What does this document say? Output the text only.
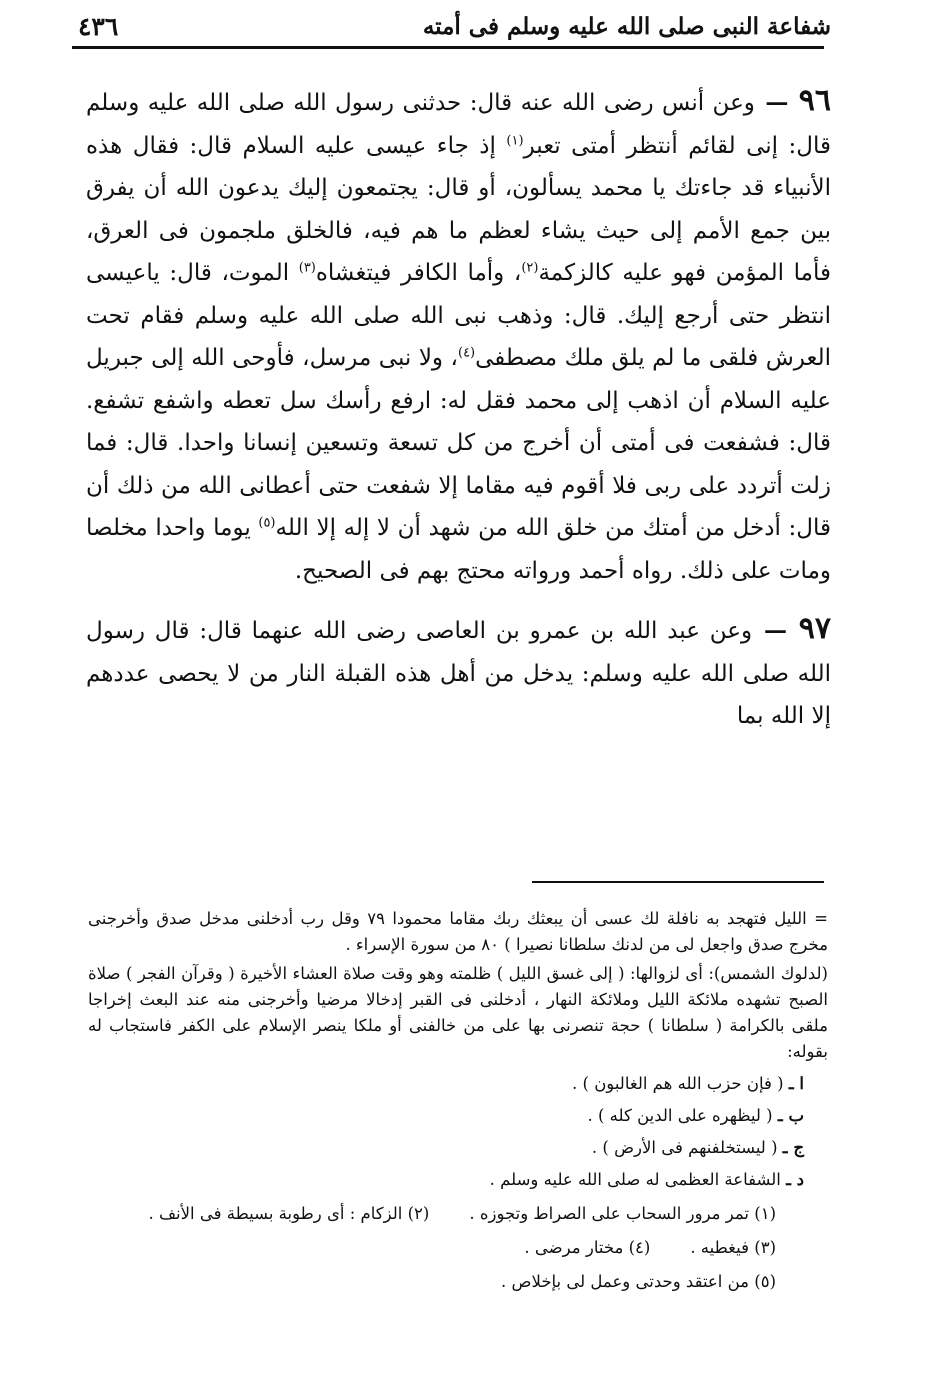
شفاعة النبى صلى الله عليه وسلم فى أمته
٤٣٦

٩٦ — وعن أنس رضى الله عنه قال: حدثنى رسول الله صلى الله عليه وسلم قال: إنى لقائم أنتظر أمتى تعبر$^{(١)}$ إذ جاء عيسى عليه السلام قال: فقال هذه الأنبياء قد جاءتك يا محمد يسألون، أو قال: يجتمعون إليك يدعون الله أن يفرق بين جمع الأمم إلى حيث يشاء لعظم ما هم فيه، فالخلق ملجمون فى العرق، فأما المؤمن فهو عليه كالزكمة$^{(٢)}$، وأما الكافر فيتغشاه$^{(٣)}$ الموت، قال: ياعيسى انتظر حتى أرجع إليك. قال: وذهب نبى الله صلى الله عليه وسلم فقام تحت العرش فلقى ما لم يلق ملك مصطفى$^{(٤)}$، ولا نبى مرسل، فأوحى الله إلى جبريل عليه السلام أن اذهب إلى محمد فقل له: ارفع رأسك سل تعطه واشفع تشفع. قال: فشفعت فى أمتى أن أخرج من كل تسعة وتسعين إنسانا واحدا. قال: فما زلت أتردد على ربى فلا أقوم فيه مقاما إلا شفعت حتى أعطانى الله من ذلك أن قال: أدخل من أمتك من خلق الله من شهد أن لا إله إلا الله$^{(٥)}$ يوما واحدا مخلصا ومات على ذلك. رواه أحمد ورواته محتج بهم فى الصحيح.

٩٧ — وعن عبد الله بن عمرو بن العاصى رضى الله عنهما قال: قال رسول الله صلى الله عليه وسلم: يدخل من أهل هذه القبلة النار من لا يحصى عددهم إلا الله بما

= الليل فتهجد به نافلة لك عسى أن يبعثك ربك مقاما محمودا ٧٩ وقل رب أدخلنى مدخل صدق وأخرجنى مخرج صدق واجعل لى من لدنك سلطانا نصيرا ) ٨٠ من سورة الإسراء .

(لدلوك الشمس): أى لزوالها: ( إلى غسق الليل ) ظلمته وهو وقت صلاة العشاء الأخيرة ( وقرآن الفجر ) صلاة الصبح تشهده ملائكة الليل وملائكة النهار ، أدخلنى فى القبر إدخالا مرضيا وأخرجنى منه عند البعث إخراجا ملقى بالكرامة ( سلطانا ) حجة تنصرنى بها على من خالفنى أو ملكا ينصر الإسلام على الكفر فاستجاب له بقوله:

ا ـ ( فإن حزب الله هم الغالبون ) .

ب ـ ( ليظهره على الدين كله ) .

ج ـ ( ليستخلفنهم فى الأرض ) .

د ـ الشفاعة العظمى له صلى الله عليه وسلم .

(١) تمر مرور السحاب على الصراط وتجوزه .
(٢) الزكام : أى رطوبة بسيطة فى الأنف .

(٣) فيغطيه .
(٤) مختار مرضى .

(٥) من اعتقد وحدتى وعمل لى بإخلاص .
